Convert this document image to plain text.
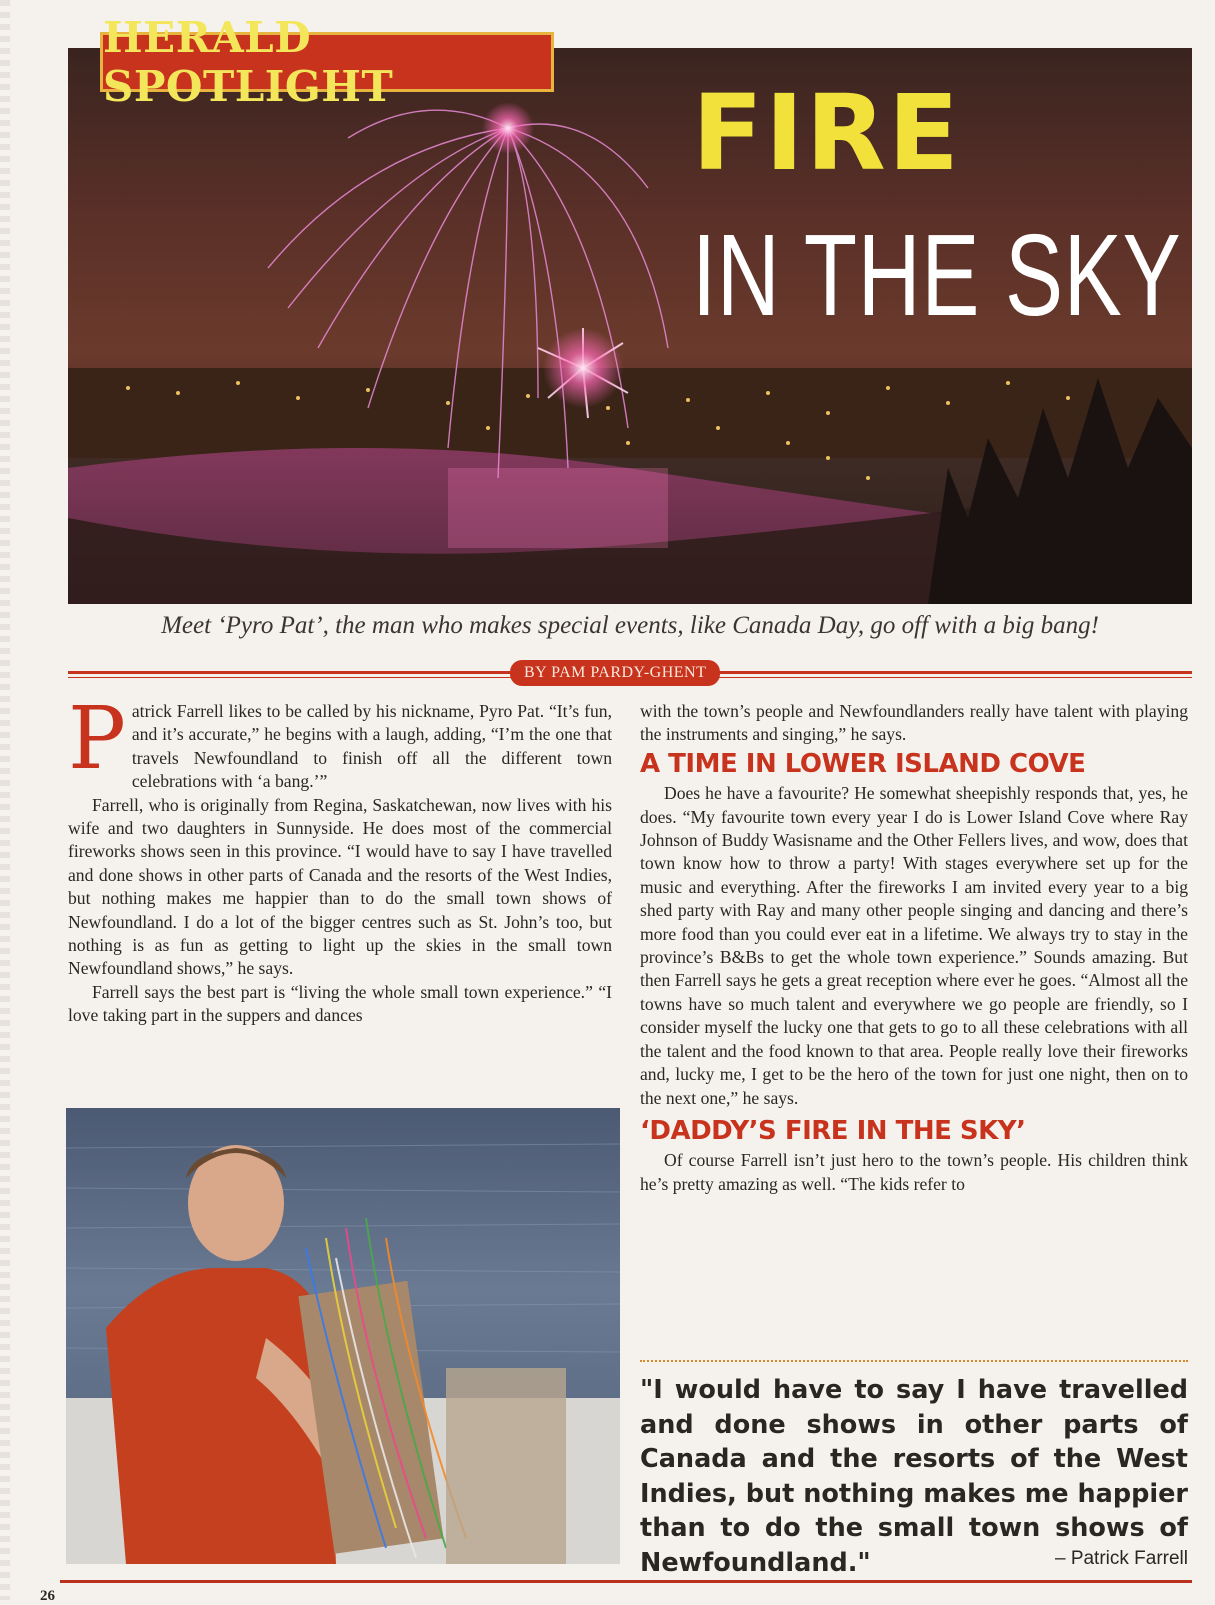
HERALD SPOTLIGHT	FIRE
IN THE SKY
Meet ‘Pyro Pat’, the man who makes special events, like Canada Day, go off with a big bang!
BY PAM PARDY-GHENT

Patrick Farrell likes to be called by his nickname, Pyro Pat. “It’s fun, and it’s accurate,” he begins with a laugh, adding, “I’m the one that travels Newfoundland to finish off all the different town celebrations with ‘a bang.’”

Farrell, who is originally from Regina, Saskatchewan, now lives with his wife and two daughters in Sunnyside. He does most of the commercial fireworks shows seen in this province. “I would have to say I have travelled and done shows in other parts of Canada and the resorts of the West Indies, but nothing makes me happier than to do the small town shows of Newfoundland. I do a lot of the bigger centres such as St. John’s too, but nothing is as fun as getting to light up the skies in the small town Newfoundland shows,” he says.

Farrell says the best part is “living the whole small town experience.” “I love taking part in the suppers and dances

with the town’s people and Newfoundlanders really have talent with playing the instruments and singing,” he says.

A TIME IN LOWER ISLAND COVE

Does he have a favourite? He somewhat sheepishly responds that, yes, he does. “My favourite town every year I do is Lower Island Cove where Ray Johnson of Buddy Wasisname and the Other Fellers lives, and wow, does that town know how to throw a party! With stages everywhere set up for the music and everything. After the fireworks I am invited every year to a big shed party with Ray and many other people singing and dancing and there’s more food than you could ever eat in a lifetime. We always try to stay in the province’s B&Bs to get the whole town experience.” Sounds amazing. But then Farrell says he gets a great reception where ever he goes. “Almost all the towns have so much talent and everywhere we go people are friendly, so I consider myself the lucky one that gets to go to all these celebrations with all the talent and the food known to that area. People really love their fireworks and, lucky me, I get to be the hero of the town for just one night, then on to the next one,” he says.

‘DADDY’S FIRE IN THE SKY’

Of course Farrell isn’t just hero to the town’s people. His children think he’s pretty amazing as well. “The kids refer to

"I would have to say I have travelled and done shows in other parts of Canada and the resorts of the West Indies, but nothing makes me happier than to do the small town shows of Newfoundland."	– Patrick Farrell
26
